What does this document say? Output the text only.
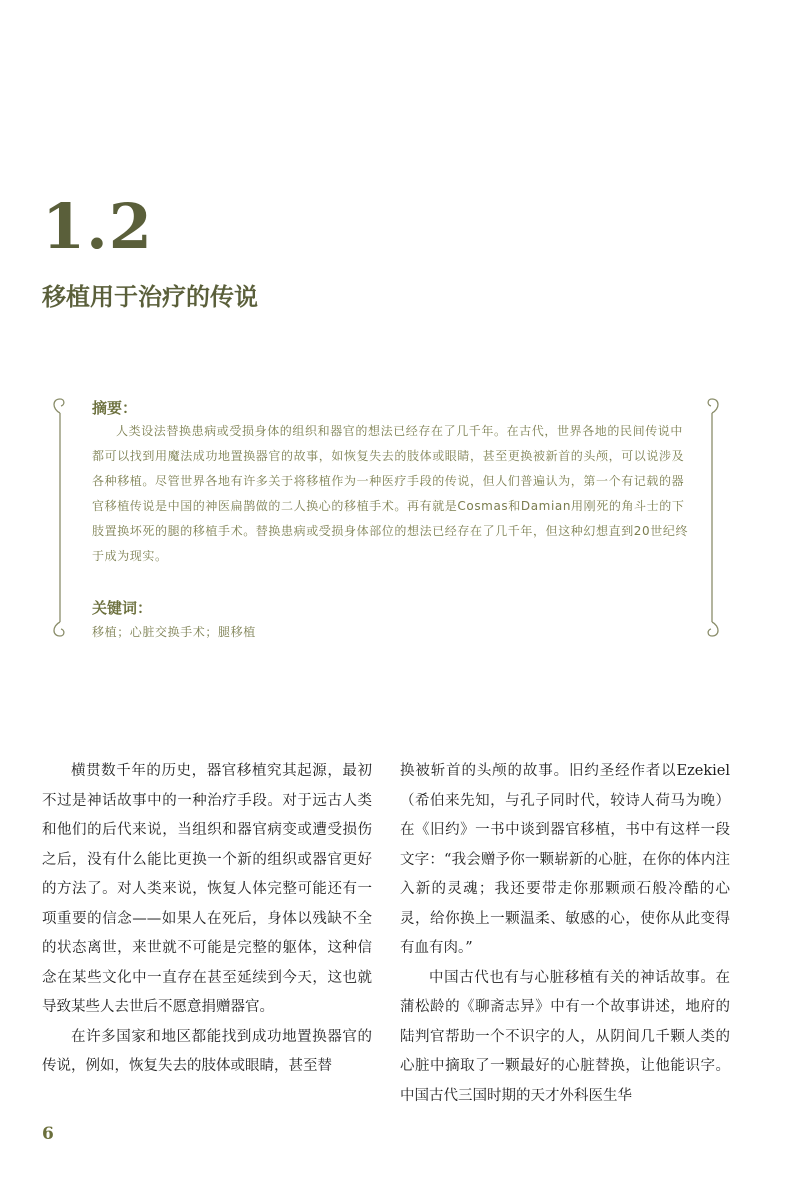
1.2
移植用于治疗的传说
摘要：
人类设法替换患病或受损身体的组织和器官的想法已经存在了几千年。在古代，世界各地的民间传说中都可以找到用魔法成功地置换器官的故事，如恢复失去的肢体或眼睛，甚至更换被新首的头颅，可以说涉及各种移植。尽管世界各地有许多关于将移植作为一种医疗手段的传说，但人们普遍认为，第一个有记载的器官移植传说是中国的神医扁鹊做的二人换心的移植手术。再有就是Cosmas和Damian用刚死的角斗士的下肢置换坏死的腿的移植手术。替换患病或受损身体部位的想法已经存在了几千年，但这种幻想直到20世纪终于成为现实。
关键词：
移植；心脏交换手术；腿移植

横贯数千年的历史，器官移植究其起源，最初不过是神话故事中的一种治疗手段。对于远古人类和他们的后代来说，当组织和器官病变或遭受损伤之后，没有什么能比更换一个新的组织或器官更好的方法了。对人类来说，恢复人体完整可能还有一项重要的信念——如果人在死后，身体以残缺不全的状态离世，来世就不可能是完整的躯体，这种信念在某些文化中一直存在甚至延续到今天，这也就导致某些人去世后不愿意捐赠器官。

在许多国家和地区都能找到成功地置换器官的传说，例如，恢复失去的肢体或眼睛，甚至替

换被斩首的头颅的故事。旧约圣经作者以Ezekiel（希伯来先知，与孔子同时代，较诗人荷马为晚）在《旧约》一书中谈到器官移植，书中有这样一段文字：“我会赠予你一颗崭新的心脏，在你的体内注入新的灵魂；我还要带走你那颗顽石般冷酷的心灵，给你换上一颗温柔、敏感的心，使你从此变得有血有肉。”

中国古代也有与心脏移植有关的神话故事。在蒲松龄的《聊斋志异》中有一个故事讲述，地府的陆判官帮助一个不识字的人，从阴间几千颗人类的心脏中摘取了一颗最好的心脏替换，让他能识字。中国古代三国时期的天才外科医生华

6
